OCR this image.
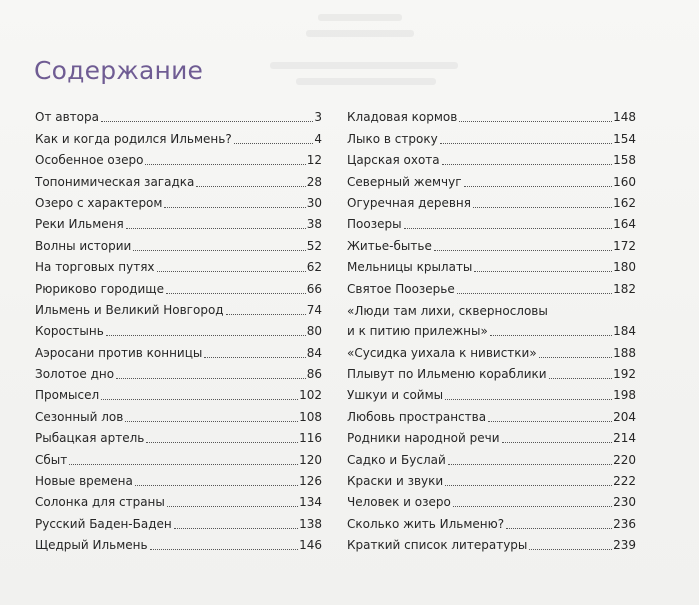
Содержание
От автора	3
Как и когда родился Ильмень?	4
Особенное озеро	12
Топонимическая загадка	28
Озеро с характером	30
Реки Ильменя	38
Волны истории	52
На торговых путях	62
Рюриково городище	66
Ильмень и Великий Новгород	74
Коростынь	80
Аэросани против конницы	84
Золотое дно	86
Промысел	102
Сезонный лов	108
Рыбацкая артель	116
Сбыт	120
Новые времена	126
Солонка для страны	134
Русский Баден-Баден	138
Щедрый Ильмень	146
Кладовая кормов	148
Лыко в строку	154
Царская охота	158
Северный жемчуг	160
Огуречная деревня	162
Поозеры	164
Житье-бытье	172
Мельницы крылаты	180
Святое Поозерье	182
«Люди там лихи, сквернословы
и к питию прилежны»	184
«Сусидка уихала к нивистки»	188
Плывут по Ильменю кораблики	192
Ушкуи и соймы	198
Любовь пространства	204
Родники народной речи	214
Садко и Буслай	220
Краски и звуки	222
Человек и озеро	230
Сколько жить Ильменю?	236
Краткий список литературы	239
